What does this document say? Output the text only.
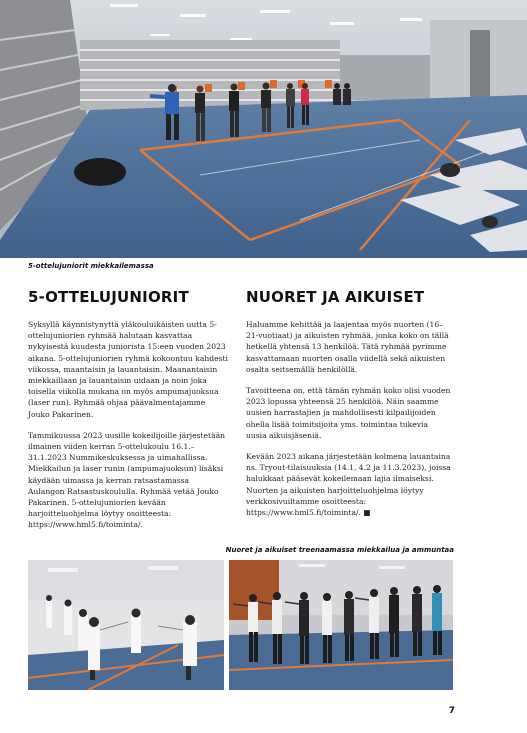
5-ottelujuniorit miekkailemassa
5-OTTELUJUNIORIT	NUORET JA AIKUISET

Syksyllä käynnistynyttä yläkouluikäisten uutta 5-ottelujuniorien ryhmää halutaan kasvattaa nykyisestä kuudesta juniorista 15:een vuoden 2023 aikana. 5-ottelujuniorien ryhmä kokoontuu kahdesti viikossa, maantaisin ja lauantaisin. Maanantaisin miekkaillaan ja lauantaisin uidaan ja noin joka toisella viikolla mukana on myös ampumajuoksua (laser run). Ryhmää ohjaa päävalmentajamme Jouko Pakarinen.

Tammikuussa 2023 uusille kokeilijoille järjestetään ilmainen viiden kerran 5-ottelukoulu 16.1.–31.1.2023 Nummikeskuksessa ja uimahallissa. Miekkailun ja laser runin (ampumajuoksun) lisäksi käydään uimassa ja kerran ratsastamassa Aulangon Ratsastuskoululla. Ryhmää vetää Jouko Pakarinen. 5-ottelujuniorien kevään harjoitteluohjelma löytyy osoitteesta: https://www.hml5.fi/toiminta/.

Haluamme kehittää ja laajentaa myös nuorten (16–21-vuotiaat) ja aikuisten ryhmää, jonka koko on tällä hetkellä yhtensä 13 henkilöä. Tätä ryhmää pyrimme kasvattamaan nuorten osalla viidellä sekä aikuisten osalta seitsemällä henkilöllä.

Tavoitteena on, että tämän ryhmän koko olisi vuoden 2023 lopussa yhteensä 25 henkilöä. Näin saamme uusien harrastajien ja mahdollisesti kilpailijoiden ohella lisää toimitsijoita yms. toimintaa tukevia uusia aikuisjäseniä.

Kevään 2023 aikana järjestetään kolmena lauantaina ns. Tryout-tilaisuuksia (14.1, 4.2 ja 11.3.2023), joissa halukkaat pääsevät kokeilemaan lajia ilmaiseksi. Nuorten ja aikuisten harjoitteluohjelma löytyy verkkosivuiltamme osoitteesta: https://www.hml5.fi/toiminta/. ■

Nuoret ja aikuiset treenaamassa miekkailua ja ammuntaa
7
